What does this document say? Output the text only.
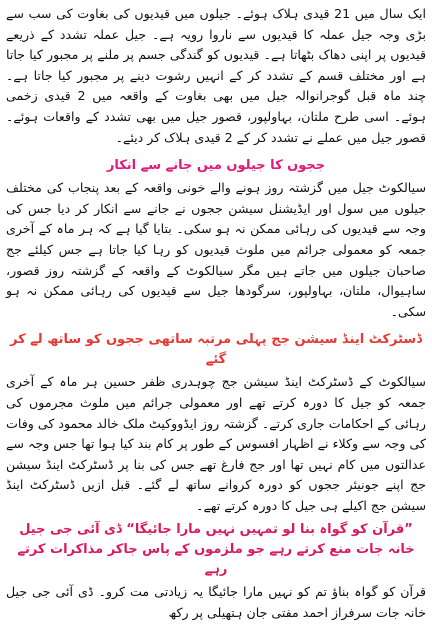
ایک سال میں 21 قیدی ہلاک ہوئے۔ جیلوں میں قیدیوں کی بغاوت کی سب سے بڑی وجہ جیل عملہ کا قیدیوں سے ناروا رویہ ہے۔ جیل عملہ تشدد کے ذریعے قیدیوں پر اپنی دھاک بٹھاتا ہے۔ قیدیوں کو گندگی جسم پر ملنے پر مجبور کیا جاتا ہے اور مختلف قسم کے تشدد کر کے انہیں رشوت دینے پر مجبور کیا جاتا ہے۔ چند ماہ قبل گوجرانوالہ جیل میں بھی بغاوت کے واقعہ میں 2 قیدی زخمی ہوئے۔ اسی طرح ملتان، بہاولپور، قصور جیل میں بھی تشدد کے واقعات ہوئے۔ قصور جیل میں عملے نے تشدد کر کے 2 قیدی ہلاک کر دیئے۔

ججوں کا جیلوں میں جانے سے انکار

سیالکوٹ جیل میں گزشتہ روز ہونے والے خونی واقعہ کے بعد پنجاب کی مختلف جیلوں میں سول اور ایڈیشنل سیشن ججوں نے جانے سے انکار کر دیا جس کی وجہ سے قیدیوں کی رہائی ممکن نہ ہو سکی۔ بتایا گیا ہے کہ ہر ماہ کے آخری جمعہ کو معمولی جرائم میں ملوث قیدیوں کو رہا کیا جاتا ہے جس کیلئے جج صاحبان جیلوں میں جاتے ہیں مگر سیالکوٹ کے واقعہ کے گزشتہ روز قصور، ساہیوال، ملتان، بہاولپور، سرگودھا جیل سے قیدیوں کی رہائی ممکن نہ ہو سکی۔

ڈسٹرکٹ اینڈ سیشن جج پہلی مرتبہ ساتھی ججوں کو ساتھ لے کر گئے

سیالکوٹ کے ڈسٹرکٹ اینڈ سیشن جج چوہدری ظفر حسین ہر ماہ کے آخری جمعہ کو جیل کا دورہ کرتے تھے اور معمولی جرائم میں ملوث مجرموں کی رہائی کے احکامات جاری کرتے۔ گزشتہ روز ایڈووکیٹ ملک خالد محمود کی وفات کی وجہ سے وکلاء نے اظہار افسوس کے طور پر کام بند کیا ہوا تھا جس وجہ سے عدالتوں میں کام نہیں تھا اور جج فارغ تھے جس کی بنا پر ڈسٹرکٹ اینڈ سیشن جج اپنے جونیئر ججوں کو دورہ کروانے ساتھ لے گئے۔ قبل ازیں ڈسٹرکٹ اینڈ سیشن جج اکیلے ہی جیل کا دورہ کرتے تھے۔

”قرآن کو گواہ بنا لو تمہیں نہیں مارا جائیگا“ ڈی آئی جی جیل خانہ جات منع کرتے رہے جو ملزموں کے پاس جاکر مذاکرات کرتے رہے

قرآن کو گواہ بناؤ تم کو نہیں مارا جائیگا یہ زیادتی مت کرو۔ ڈی آئی جی جیل خانہ جات سرفراز احمد مفتی جان ہتھیلی پر رکھ
